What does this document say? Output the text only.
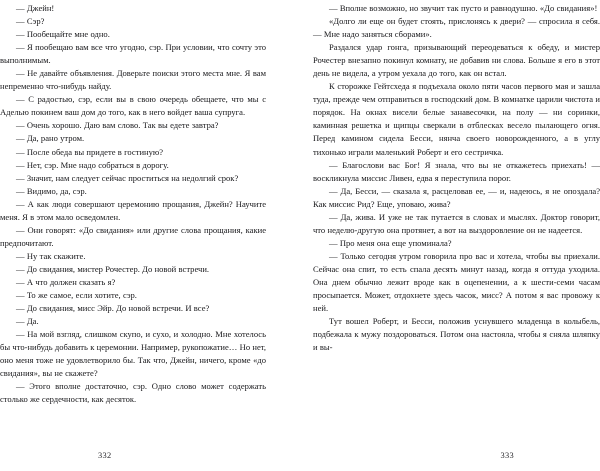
— Джейн!

— Сэр?

— Пообещайте мне одно.

— Я пообещаю вам все что угодно, сэр. При условии, что сочту это выполнимым.

— Не давайте объявления. Доверьте поиски этого места мне. Я вам непременно что-нибудь найду.

— С радостью, сэр, если вы в свою очередь обещаете, что мы с Аделью покинем ваш дом до того, как в него войдет ваша супруга.

— Очень хорошо. Даю вам слово. Так вы едете завтра?

— Да, рано утром.

— После обеда вы придете в гостиную?

— Нет, сэр. Мне надо собраться в дорогу.

— Значит, нам следует сейчас проститься на недолгий срок?

— Видимо, да, сэр.

— А как люди совершают церемонию прощания, Джейн? Научите меня. Я в этом мало осведомлен.

— Они говорят: «До свидания» или другие слова прощания, какие предпочитают.

— Ну так скажите.

— До свидания, мистер Рочестер. До новой встречи.

— А что должен сказать я?

— То же самое, если хотите, сэр.

— До свидания, мисс Эйр. До новой встречи. И все?

— Да.

— На мой взгляд, слишком скупо, и сухо, и холодно. Мне хотелось бы что-нибудь добавить к церемонии. Например, рукопожатие… Но нет, оно меня тоже не удовлетворило бы. Так что, Джейн, ничего, кроме «до свидания», вы не скажете?

— Этого вполне достаточно, сэр. Одно слово может содержать столько же сердечности, как десяток.

332

— Вполне возможно, но звучит так пусто и равнодушно. «До свидания»!

«Долго ли еще он будет стоять, прислонясь к двери? — спросила я себя. — Мне надо заняться сборами».

Раздался удар гонга, призывающий переодеваться к обеду, и мистер Рочестер внезапно покинул комнату, не добавив ни слова. Больше я его в этот день не видела, а утром уехала до того, как он встал.

К сторожке Гейтсхеда я подъехала около пяти часов первого мая и зашла туда, прежде чем отправиться в господский дом. В комнатке царили чистота и порядок. На окнах висели белые занавесочки, на полу — ни соринки, каминная решетка и щипцы сверкали в отблесках весело пылающего огня. Перед камином сидела Бесси, нянча своего новорожденного, а в углу тихонько играли маленький Роберт и его сестричка.

— Благослови вас Бог! Я знала, что вы не откажетесь приехать! — воскликнула миссис Ливен, едва я переступила порог.

— Да, Бесси, — сказала я, расцеловав ее, — и, надеюсь, я не опоздала? Как миссис Рид? Еще, уповаю, жива?

— Да, жива. И уже не так путается в словах и мыслях. Доктор говорит, что неделю-другую она протянет, а вот на выздоровление он не надеется.

— Про меня она еще упоминала?

— Только сегодня утром говорила про вас и хотела, чтобы вы приехали. Сейчас она спит, то есть спала десять минут назад, когда я оттуда уходила. Она днем обычно лежит вроде как в оцепенении, а к шести-семи часам просыпается. Может, отдохнете здесь часок, мисс? А потом я вас провожу к ней.

Тут вошел Роберт, и Бесси, положив уснувшего младенца в колыбель, подбежала к мужу поздороваться. Потом она настояла, чтобы я сняла шляпку и вы-

333
